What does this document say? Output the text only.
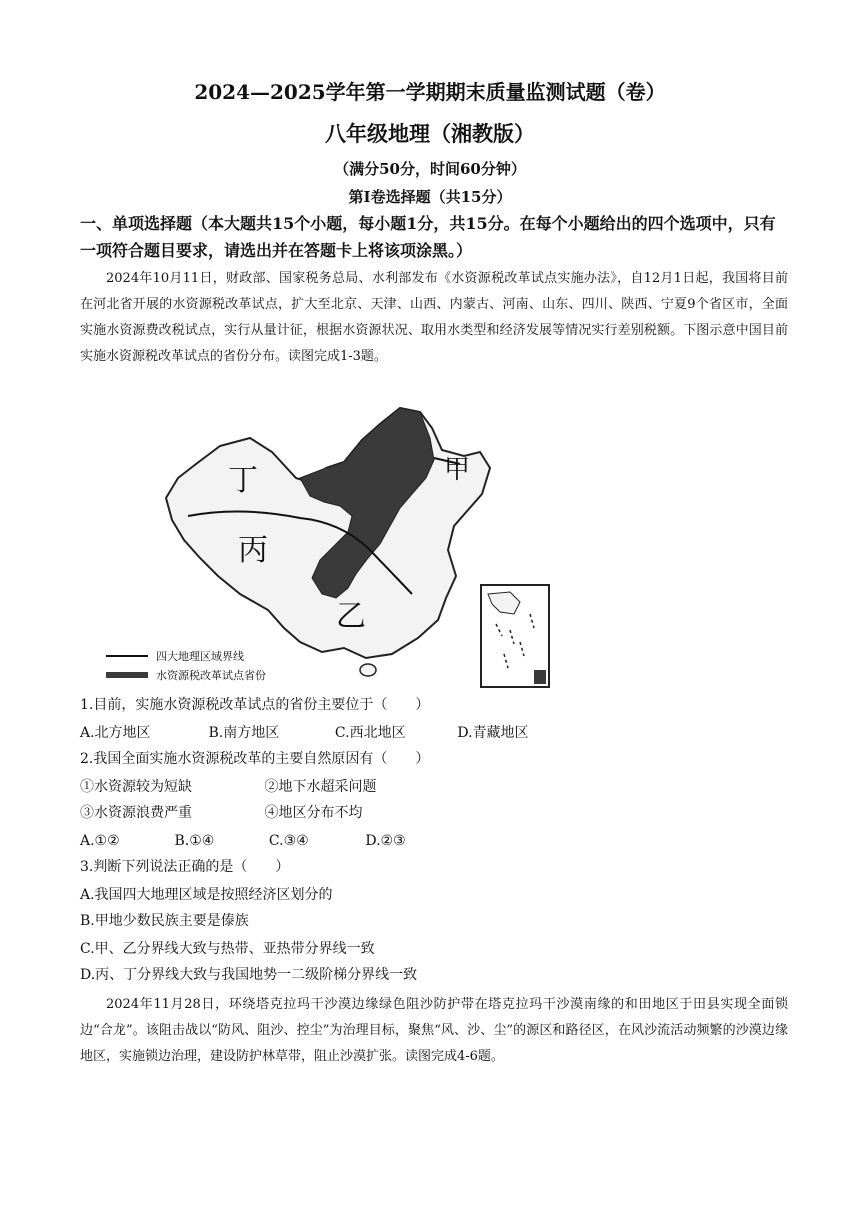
2024—2025学年第一学期期末质量监测试题（卷）
八年级地理（湘教版）
（满分50分，时间60分钟）
第Ⅰ卷选择题（共15分）
一、单项选择题（本大题共15个小题，每小题1分，共15分。在每个小题给出的四个选项中，只有一项符合题目要求，请选出并在答题卡上将该项涂黑。）
2024年10月11日，财政部、国家税务总局、水利部发布《水资源税改革试点实施办法》，自12月1日起，我国将目前在河北省开展的水资源税改革试点，扩大至北京、天津、山西、内蒙古、河南、山东、四川、陕西、宁夏9个省区市，全面实施水资源费改税试点，实行从量计征，根据水资源状况、取用水类型和经济发展等情况实行差别税额。下图示意中国目前实施水资源税改革试点的省份分布。读图完成1-3题。
丁	甲
丙
乙
四大地理区域界线
水资源税改革试点省份
1.目前，实施水资源税改革试点的省份主要位于（　　）
A.北方地区	B.南方地区	C.西北地区	D.青藏地区
2.我国全面实施水资源税改革的主要自然原因有（　　）
①水资源较为短缺	②地下水超采问题
③水资源浪费严重	④地区分布不均
A.①②	B.①④	C.③④	D.②③
3.判断下列说法正确的是（　　）
A.我国四大地理区域是按照经济区划分的
B.甲地少数民族主要是傣族
C.甲、乙分界线大致与热带、亚热带分界线一致
D.丙、丁分界线大致与我国地势一二级阶梯分界线一致
2024年11月28日，环绕塔克拉玛干沙漠边缘绿色阻沙防护带在塔克拉玛干沙漠南缘的和田地区于田县实现全面锁边“合龙”。该阻击战以“防风、阻沙、控尘”为治理目标，聚焦“风、沙、尘”的源区和路径区，在风沙流活动频繁的沙漠边缘地区，实施锁边治理，建设防护林草带，阻止沙漠扩张。读图完成4-6题。
